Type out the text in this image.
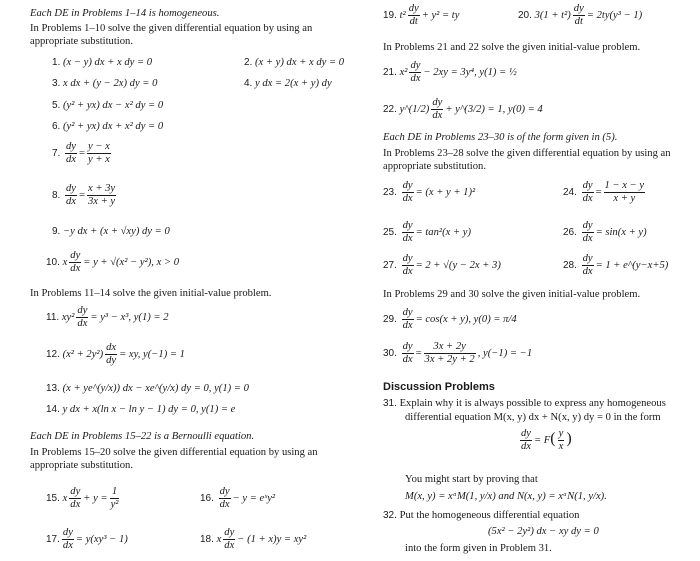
Each DE in Problems 1–14 is homogeneous.
In Problems 1–10 solve the given differential equation by using an
appropriate substitution.
1. (x − y) dx + x dy = 0	2. (x + y) dx + x dy = 0
3. x dx + (y − 2x) dy = 0	4. y dx = 2(x + y) dy
5. (y² + yx) dx − x² dy = 0
6. (y² + yx) dx + x² dy = 0
7. $\frac{dy}{dx} = \frac{y - x}{y + x}$
8. $\frac{dy}{dx} = \frac{x + 3y}{3x + y}$
9. −y dx + (x + √xy) dy = 0
10. x $\frac{dy}{dx} = y + √(x^2 - y^2)$, x > 0
In Problems 11–14 solve the given initial-value problem.
11. $xy^2 \frac{dy}{dx} = y^3 - x^3$, y(1) = 2
12. $(x^2 + 2y^2) \frac{dx}{dy}$ = xy, y(−1) = 1
13. (x + ye^(y/x)) dx − xe^(y/x) dy = 0, y(1) = 0
14. y dx + x(ln x − ln y − 1) dy = 0, y(1) = e
Each DE in Problems 15–22 is a Bernoulli equation.
In Problems 15–20 solve the given differential equation by using an
appropriate substitution.
15. x $\frac{dy}{dx} + y = \frac{1}{\text{y²}}$	16. $\frac{dy}{dx} - y$ = eˣy²
17. $\frac{dy}{dx} = y(xy^3 - 1)$	18. x $\frac{dy}{dx} - (1 + x)y = xy^2$
19. $t^2 \frac{dy}{dt} + y^2$ = ty	20. $3(1 + t^2) \frac{dy}{dt} = 2ty(y^3 - 1)$
In Problems 21 and 22 solve the given initial-value problem.
21. $x^2 \frac{dy}{dx} - 2xy = 3y^4$, y(1) = ½
22. y^(1/2) $\frac{dy}{dx}$ + y^(3/2) = 1, y(0) = 4
Each DE in Problems 23–30 is of the form given in (5).
In Problems 23–28 solve the given differential equation by using an
appropriate substitution.
23. $\frac{dy}{dx} = (x + y + 1)^2$	24. $\frac{dy}{dx} = \frac{1 - x - y}{x + y}$
25. $\frac{dy}{dx} = \tan^2(x + y)$	26. $\frac{dy}{dx} = \sin(x + y)$
27. $\frac{dy}{dx} = 2 + √(y - 2x + 3)$	28. $\frac{dy}{dx} = 1$ + e^(y−x+5)
In Problems 29 and 30 solve the given initial-value problem.
29. $\frac{dy}{dx} = \cos(x + y)$, y(0) = π/4
30. $\frac{dy}{dx} = \frac{3x + 2y}{3x + 2y + 2}$ , y(−1) = −1
Discussion Problems
31. Explain why it is always possible to express any homogeneous
differential equation M(x, y) dx + N(x, y) dy = 0 in the form
$\frac{dy}{dx} = F( \frac{y}{x}$ )
You might start by proving that
M(x, y) = xᵅM(1, y/x) and N(x, y) = xᵅN(1, y/x).
32. Put the homogeneous differential equation
(5x² − 2y²) dx − xy dy = 0
into the form given in Problem 31.
